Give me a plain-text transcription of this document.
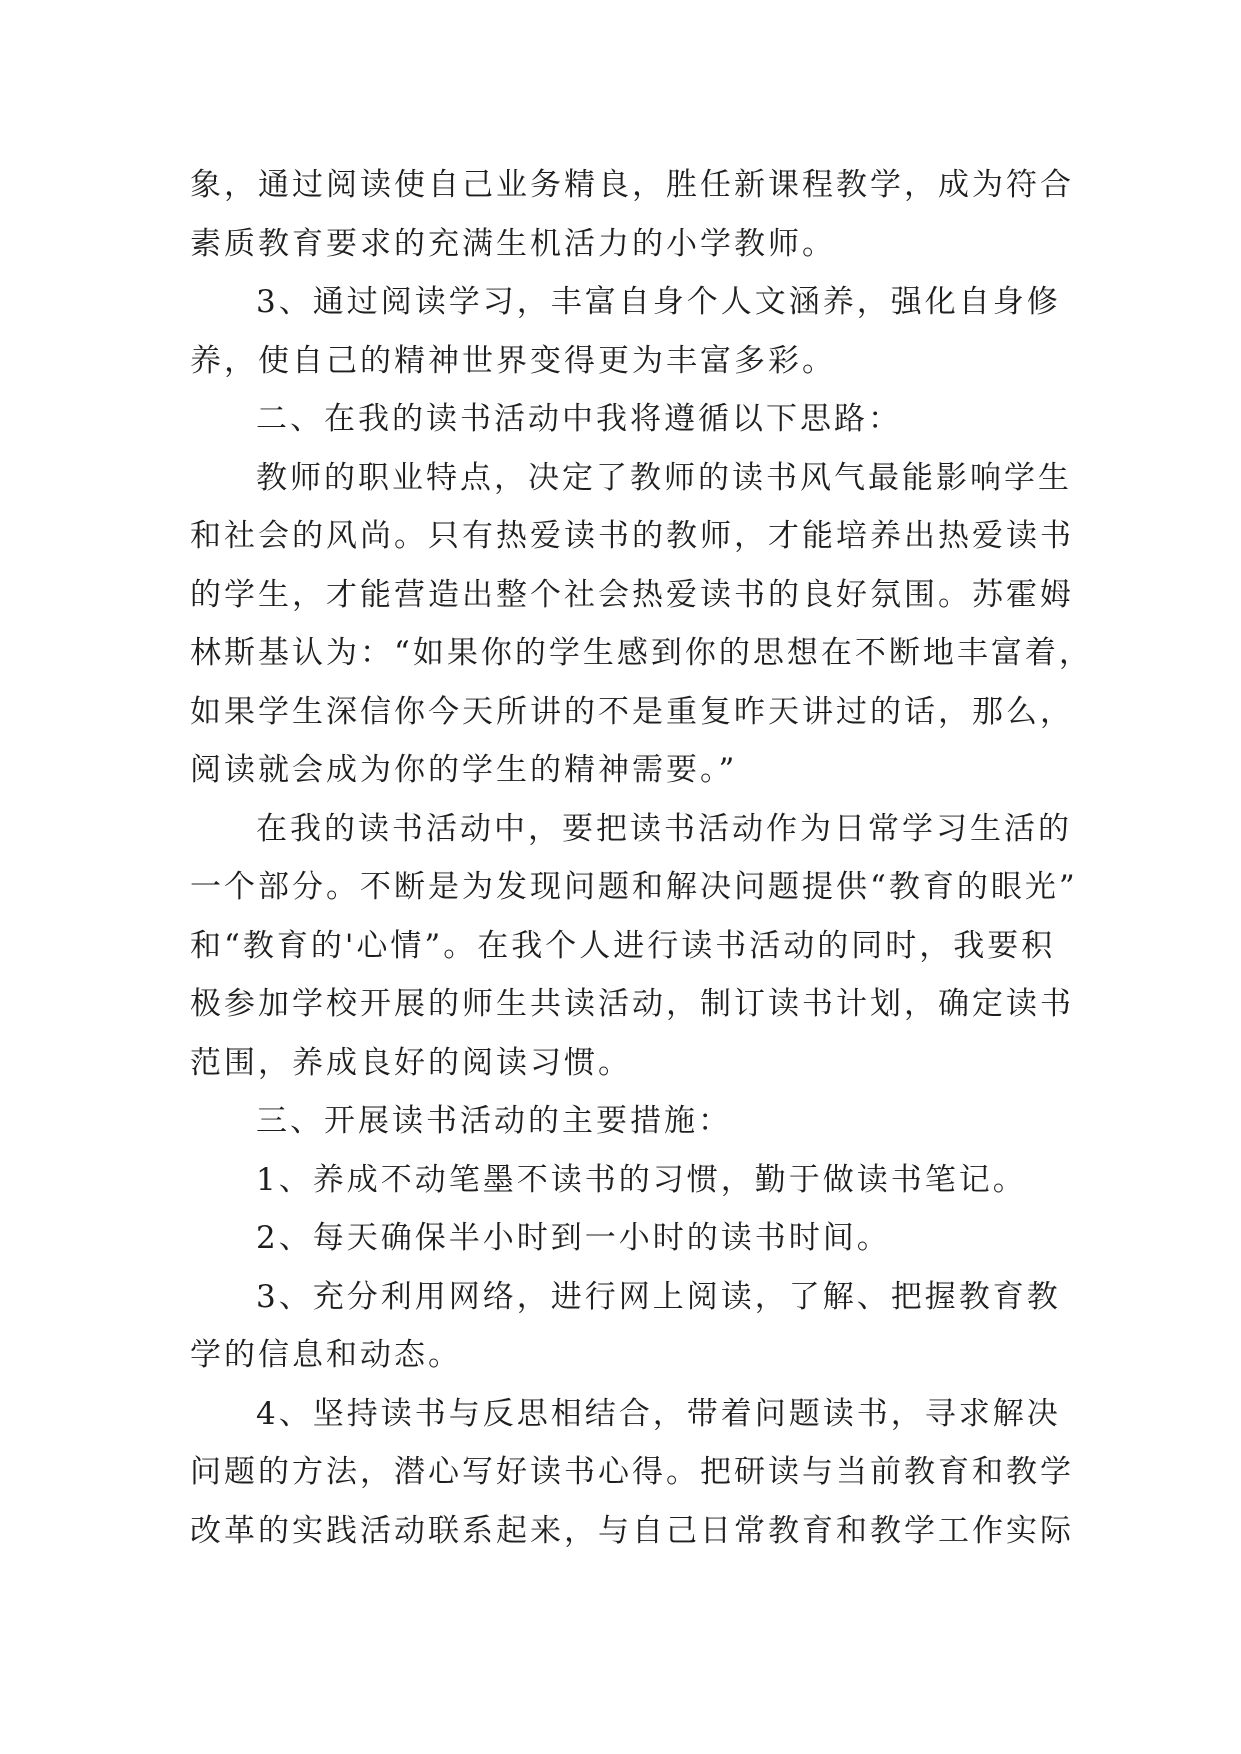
象，通过阅读使自己业务精良，胜任新课程教学，成为符合
素质教育要求的充满生机活力的小学教师。
3、通过阅读学习，丰富自身个人文涵养，强化自身修
养，使自己的精神世界变得更为丰富多彩。
二、在我的读书活动中我将遵循以下思路：
教师的职业特点，决定了教师的读书风气最能影响学生
和社会的风尚。只有热爱读书的教师，才能培养出热爱读书
的学生，才能营造出整个社会热爱读书的良好氛围。苏霍姆
林斯基认为：“如果你的学生感到你的思想在不断地丰富着，
如果学生深信你今天所讲的不是重复昨天讲过的话，那么，
阅读就会成为你的学生的精神需要。”
在我的读书活动中，要把读书活动作为日常学习生活的
一个部分。不断是为发现问题和解决问题提供“教育的眼光”
和“教育的'心情”。在我个人进行读书活动的同时，我要积
极参加学校开展的师生共读活动，制订读书计划，确定读书
范围，养成良好的阅读习惯。
三、开展读书活动的主要措施：
1、养成不动笔墨不读书的习惯，勤于做读书笔记。
2、每天确保半小时到一小时的读书时间。
3、充分利用网络，进行网上阅读，了解、把握教育教
学的信息和动态。
4、坚持读书与反思相结合，带着问题读书，寻求解决
问题的方法，潜心写好读书心得。把研读与当前教育和教学
改革的实践活动联系起来，与自己日常教育和教学工作实际
